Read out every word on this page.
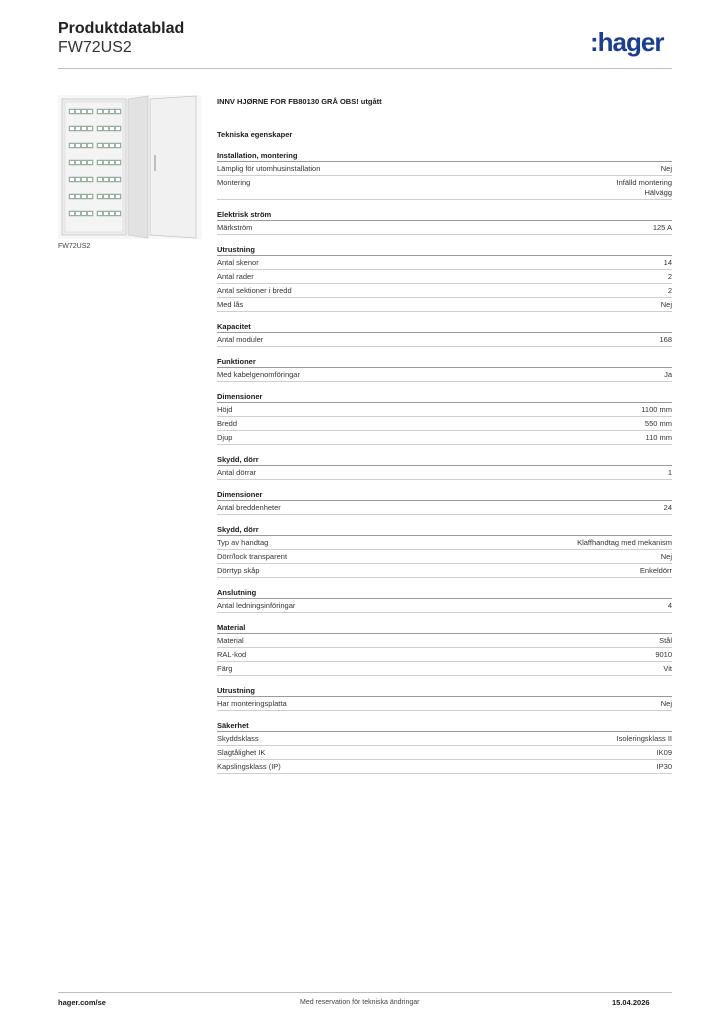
Produktdatablad
FW72US2	:hager
FW72US2
INNV HJØRNE FOR FB80130 GRÅ OBS! utgått
Tekniska egenskaper
Installation, montering
Lämplig för utomhusinstallation	Nej
Montering	Infälld montering
Hälvägg
Elektrisk ström
Märkström	125 A
Utrustning
Antal skenor	14
Antal rader	2
Antal sektioner i bredd	2
Med lås	Nej
Kapacitet
Antal moduler	168
Funktioner
Med kabelgenomföringar	Ja
Dimensioner
Höjd	1100 mm
Bredd	550 mm
Djup	110 mm
Skydd, dörr
Antal dörrar	1
Dimensioner
Antal breddenheter	24
Skydd, dörr
Typ av handtag	Klaffhandtag med mekanism
Dörr/lock transparent	Nej
Dörrtyp skåp	Enkeldörr
Anslutning
Antal ledningsinföringar	4
Material
Material	Stål
RAL-kod	9010
Färg	Vit
Utrustning
Har monteringsplatta	Nej
Säkerhet
Skyddsklass	Isoleringsklass II
Slagtålighet IK	IK09
Kapslingsklass (IP)	IP30
hager.com/se	Med reservation för tekniska ändringar	15.04.2026
